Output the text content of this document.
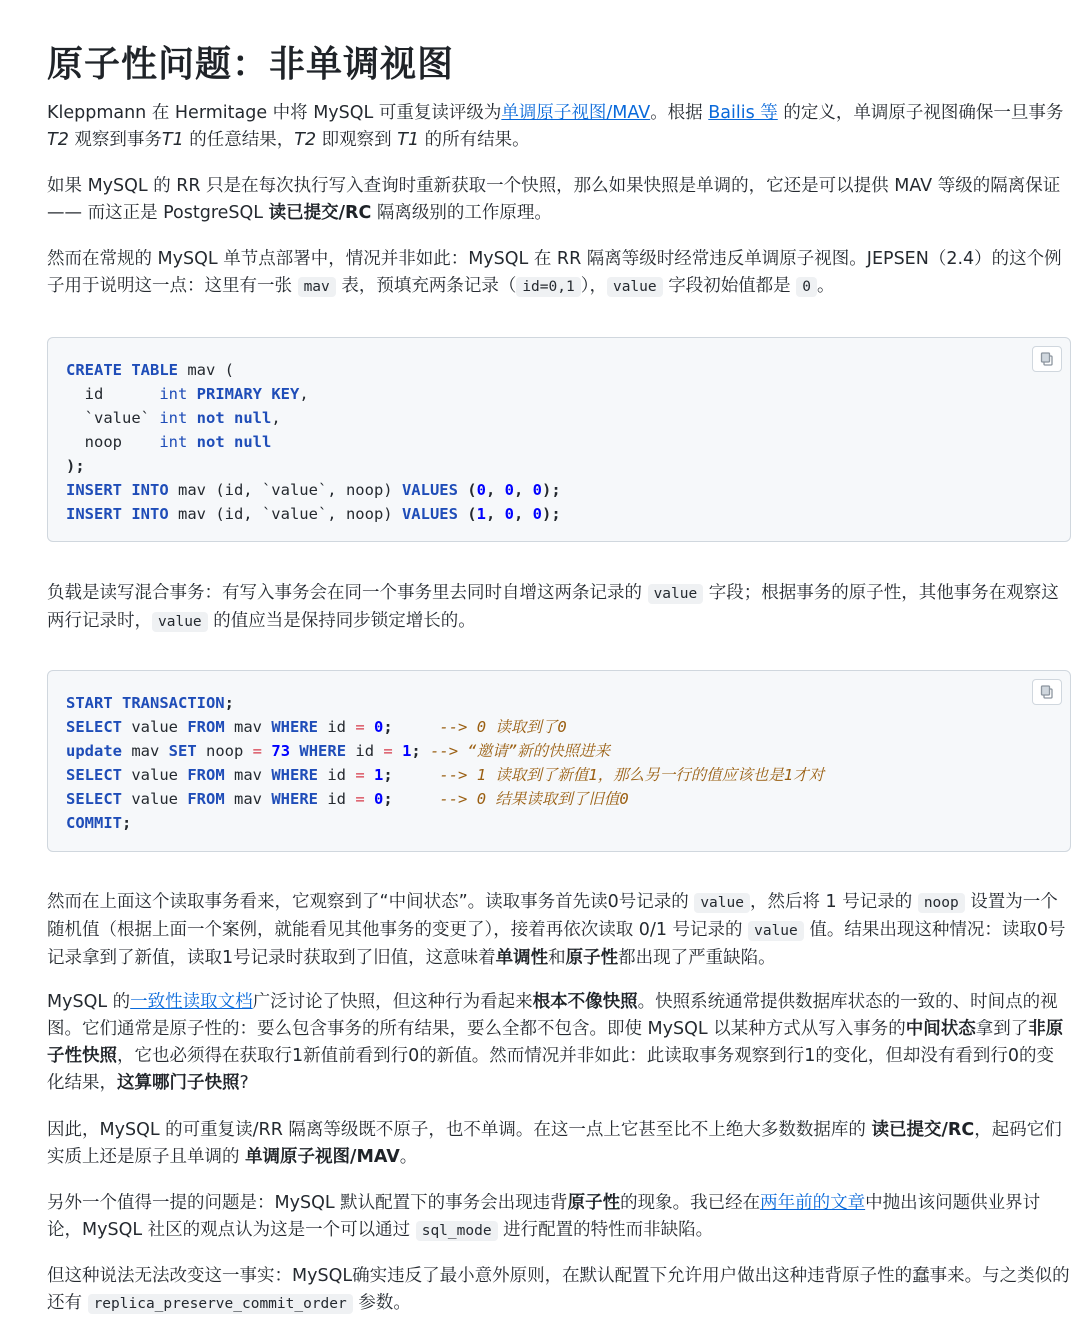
原子性问题：非单调视图

Kleppmann 在 Hermitage 中将 MySQL 可重复读评级为单调原子视图/MAV。根据 Bailis 等 的定义，单调原子视图确保一旦事务 T2 观察到事务T1 的任意结果，T2 即观察到 T1 的所有结果。

如果 MySQL 的 RR 只是在每次执行写入查询时重新获取一个快照，那么如果快照是单调的，它还是可以提供 MAV 等级的隔离保证 —— 而这正是 PostgreSQL 读已提交/RC 隔离级别的工作原理。

然而在常规的 MySQL 单节点部署中，情况并非如此：MySQL 在 RR 隔离等级时经常违反单调原子视图。JEPSEN（2.4）的这个例子用于说明这一点：这里有一张 mav 表，预填充两条记录（ id=0,1 ）， value 字段初始值都是 0 。

CREATE TABLE mav (
id      int PRIMARY KEY,
`value` int not null,
noop    int not null
);
INSERT INTO mav (id, `value`, noop) VALUES (0, 0, 0);
INSERT INTO mav (id, `value`, noop) VALUES (1, 0, 0);

负载是读写混合事务：有写入事务会在同一个事务里去同时自增这两条记录的 value 字段；根据事务的原子性，其他事务在观察这两行记录时， value 的值应当是保持同步锁定增长的。

START TRANSACTION;
SELECT value FROM mav WHERE id = 0;	--> 0 读取到了0
update mav SET noop = 73 WHERE id = 1; --> “邀请”新的快照进来
SELECT value FROM mav WHERE id = 1;	--> 1 读取到了新值1，那么另一行的值应该也是1才对
SELECT value FROM mav WHERE id = 0;	--> 0 结果读取到了旧值0
COMMIT;

然而在上面这个读取事务看来，它观察到了“中间状态”。读取事务首先读0号记录的 value ，然后将 1 号记录的 noop 设置为一个随机值（根据上面一个案例，就能看见其他事务的变更了），接着再依次读取 0/1 号记录的 value 值。结果出现这种情况：读取0号记录拿到了新值，读取1号记录时获取到了旧值，这意味着单调性和原子性都出现了严重缺陷。

MySQL 的一致性读取文档广泛讨论了快照，但这种行为看起来根本不像快照。快照系统通常提供数据库状态的一致的、时间点的视图。它们通常是原子性的：要么包含事务的所有结果，要么全都不包含。即使 MySQL 以某种方式从写入事务的中间状态拿到了非原子性快照，它也必须得在获取行1新值前看到行0的新值。然而情况并非如此：此读取事务观察到行1的变化，但却没有看到行0的变化结果，这算哪门子快照?

因此，MySQL 的可重复读/RR 隔离等级既不原子，也不单调。在这一点上它甚至比不上绝大多数数据库的 读已提交/RC，起码它们实质上还是原子且单调的 单调原子视图/MAV。

另外一个值得一提的问题是：MySQL 默认配置下的事务会出现违背原子性的现象。我已经在两年前的文章中抛出该问题供业界讨论，MySQL 社区的观点认为这是一个可以通过 sql_mode 进行配置的特性而非缺陷。

但这种说法无法改变这一事实：MySQL确实违反了最小意外原则，在默认配置下允许用户做出这种违背原子性的蠢事来。与之类似的还有 replica_preserve_commit_order 参数。
